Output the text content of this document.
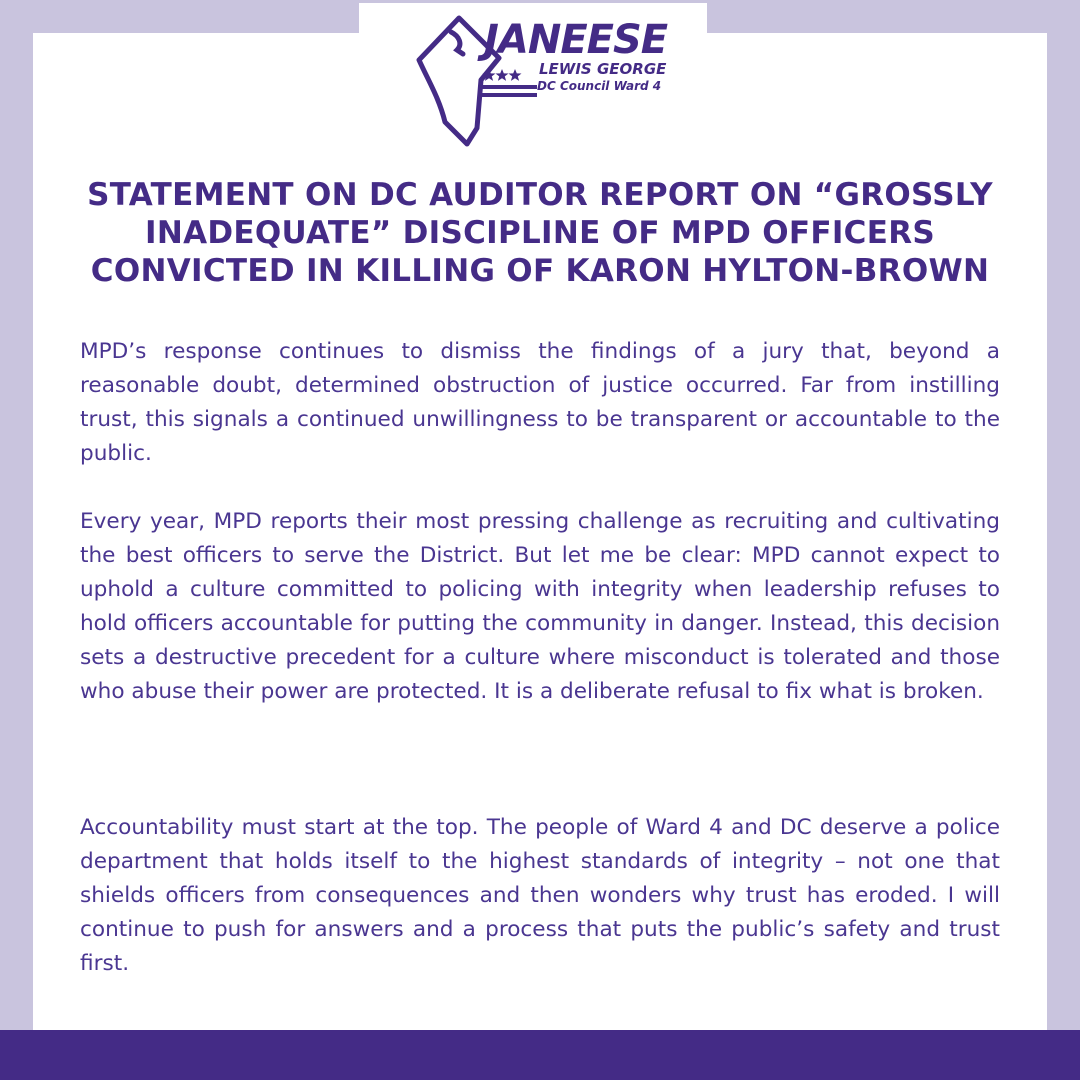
JANEESE
LEWIS GEORGE
DC Council Ward 4
STATEMENT ON DC AUDITOR REPORT ON “GROSSLY INADEQUATE” DISCIPLINE OF MPD OFFICERS CONVICTED IN KILLING OF KARON HYLTON-BROWN

MPD’s response continues to dismiss the findings of a jury that, beyond a reasonable doubt, determined obstruction of justice occurred. Far from instilling trust, this signals a continued unwillingness to be transparent or accountable to the public.

Every year, MPD reports their most pressing challenge as recruiting and cultivating the best officers to serve the District. But let me be clear: MPD cannot expect to uphold a culture committed to policing with integrity when leadership refuses to hold officers accountable for putting the community in danger. Instead, this decision sets a destructive precedent for a culture where misconduct is tolerated and those who abuse their power are protected. It is a deliberate refusal to fix what is broken.

Accountability must start at the top. The people of Ward 4 and DC deserve a police department that holds itself to the highest standards of integrity – not one that shields officers from consequences and then wonders why trust has eroded. I will continue to push for answers and a process that puts the public’s safety and trust first.
